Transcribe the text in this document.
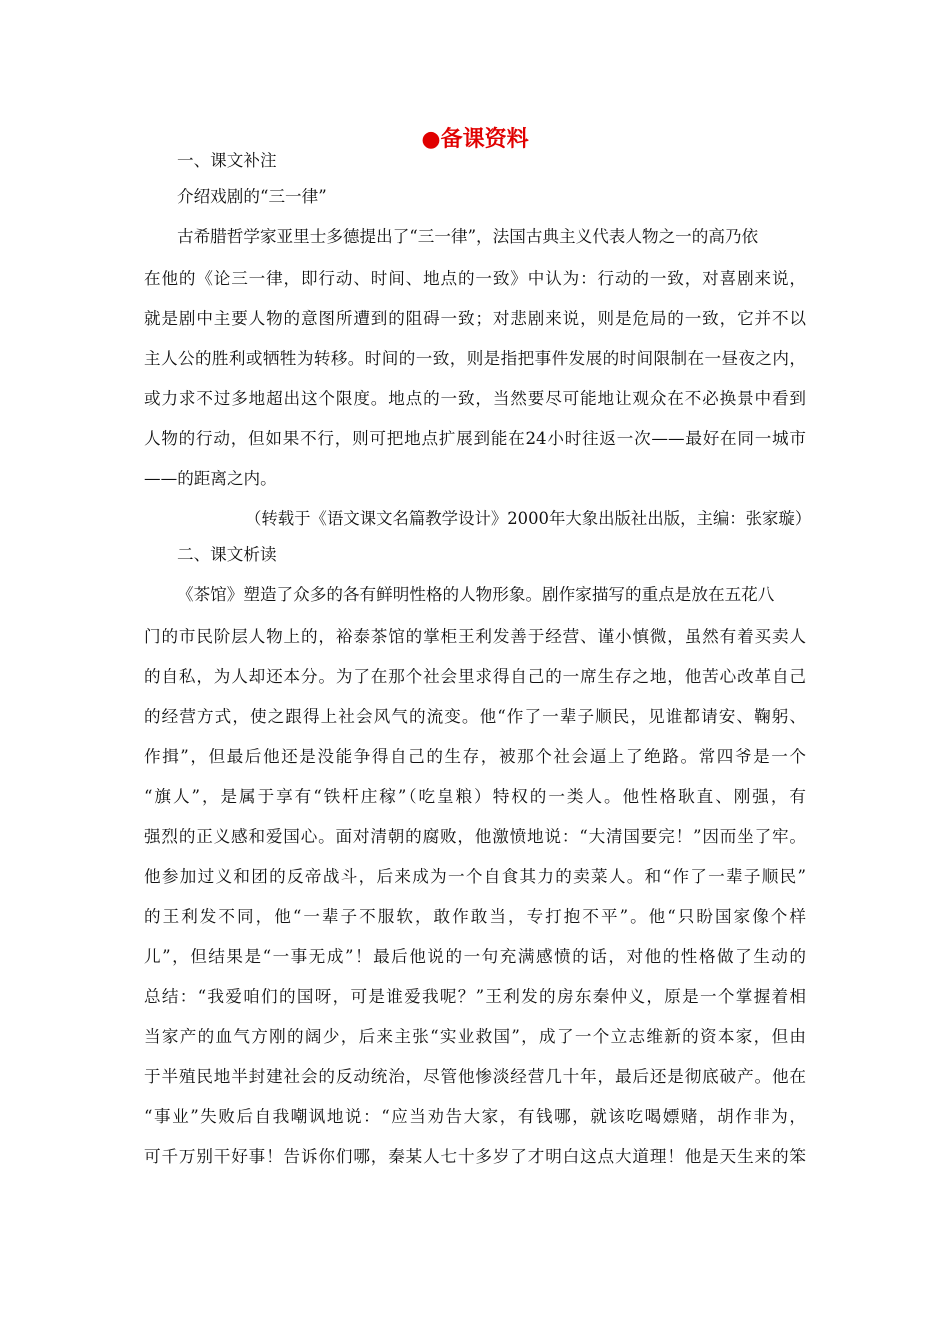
●备课资料
一、课文补注
介绍戏剧的“三一律”
古希腊哲学家亚里士多德提出了“三一律”，法国古典主义代表人物之一的高乃依
在他的《论三一律，即行动、时间、地点的一致》中认为：行动的一致，对喜剧来说，
就是剧中主要人物的意图所遭到的阻碍一致；对悲剧来说，则是危局的一致，它并不以
主人公的胜利或牺牲为转移。时间的一致，则是指把事件发展的时间限制在一昼夜之内，
或力求不过多地超出这个限度。地点的一致，当然要尽可能地让观众在不必换景中看到
人物的行动，但如果不行，则可把地点扩展到能在24小时往返一次——最好在同一城市
——的距离之内。
（转载于《语文课文名篇教学设计》2000年大象出版社出版，主编：张家璇）
二、课文析读
《茶馆》塑造了众多的各有鲜明性格的人物形象。剧作家描写的重点是放在五花八
门的市民阶层人物上的，裕泰茶馆的掌柜王利发善于经营、谨小慎微，虽然有着买卖人
的自私，为人却还本分。为了在那个社会里求得自己的一席生存之地，他苦心改革自己
的经营方式，使之跟得上社会风气的流变。他“作了一辈子顺民，见谁都请安、鞠躬、
作揖”，但最后他还是没能争得自己的生存，被那个社会逼上了绝路。常四爷是一个
“旗人”，是属于享有“铁杆庄稼”（吃皇粮）特权的一类人。他性格耿直、刚强，有
强烈的正义感和爱国心。面对清朝的腐败，他激愤地说：“大清国要完！”因而坐了牢。
他参加过义和团的反帝战斗，后来成为一个自食其力的卖菜人。和“作了一辈子顺民”
的王利发不同，他“一辈子不服软，敢作敢当，专打抱不平”。他“只盼国家像个样
儿”，但结果是“一事无成”！最后他说的一句充满感愤的话，对他的性格做了生动的
总结：“我爱咱们的国呀，可是谁爱我呢？”王利发的房东秦仲义，原是一个掌握着相
当家产的血气方刚的阔少，后来主张“实业救国”，成了一个立志维新的资本家，但由
于半殖民地半封建社会的反动统治，尽管他惨淡经营几十年，最后还是彻底破产。他在
“事业”失败后自我嘲讽地说：“应当劝告大家，有钱哪，就该吃喝嫖赌，胡作非为，
可千万别干好事！告诉你们哪，秦某人七十多岁了才明白这点大道理！他是天生来的笨
